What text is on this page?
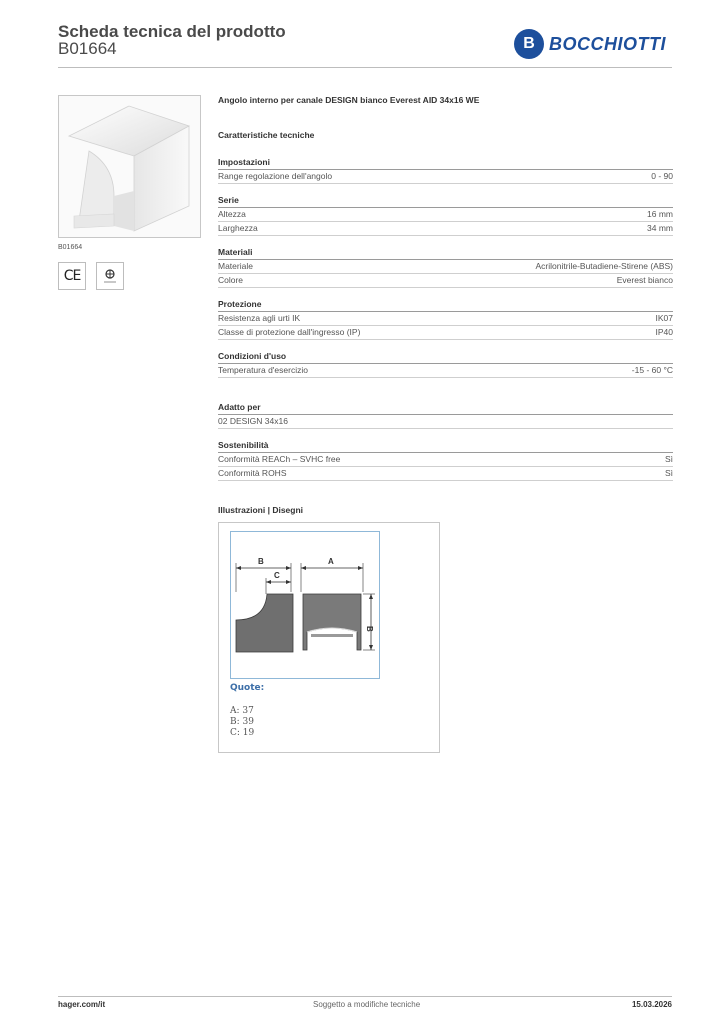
Scheda tecnica del prodotto
B01664	B BOCCHIOTTI
B01664
CE
Angolo interno per canale DESIGN bianco Everest AID 34x16 WE
Caratteristiche tecniche
Impostazioni
Range regolazione dell'angolo	0 - 90
Serie
Altezza	16 mm
Larghezza	34 mm
Materiali
Materiale	Acrilonitrile-Butadiene-Stirene (ABS)
Colore	Everest bianco
Protezione
Resistenza agli urti IK	IK07
Classe di protezione dall'ingresso (IP)	IP40
Condizioni d'uso
Temperatura d'esercizio	-15 - 60 °C
Adatto per
02 DESIGN 34x16
Sostenibilità
Conformità REACh – SVHC free	Sì
Conformità ROHS	Sì
Illustrazioni | Disegni
B
C
A
B
Quote:
A: 37
B: 39
C: 19
hager.com/it	Soggetto a modifiche tecniche	15.03.2026
